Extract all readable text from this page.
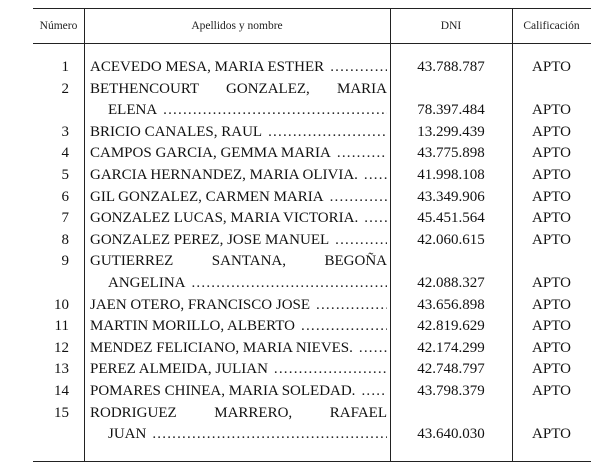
Número	Apellidos y nombre	DNI	Calificación
1 ACEVEDO MESA, MARIA ESTHER .....	43.788.787	APTO
2 BETHENCOURT GONZALEZ, MARIA
ELENA .....	78.397.484	APTO
3 BRICIO CANALES, RAUL .....	13.299.439	APTO
4 CAMPOS GARCIA, GEMMA MARIA .....	43.775.898	APTO
5 GARCIA HERNANDEZ, MARIA OLIVIA. .....	41.998.108	APTO
6 GIL GONZALEZ, CARMEN MARIA .....	43.349.906	APTO
7 GONZALEZ LUCAS, MARIA VICTORIA. .....	45.451.564	APTO
8 GONZALEZ PEREZ, JOSE MANUEL .....	42.060.615	APTO
9 GUTIERREZ SANTANA, BEGOÑA
ANGELINA .....	42.088.327	APTO
10 JAEN OTERO, FRANCISCO JOSE .....	43.656.898	APTO
11 MARTIN MORILLO, ALBERTO .....	42.819.629	APTO
12 MENDEZ FELICIANO, MARIA NIEVES. .....	42.174.299	APTO
13 PEREZ ALMEIDA, JULIAN .....	42.748.797	APTO
14 POMARES CHINEA, MARIA SOLEDAD. .....	43.798.379	APTO
15 RODRIGUEZ MARRERO, RAFAEL
JUAN .....	43.640.030	APTO
